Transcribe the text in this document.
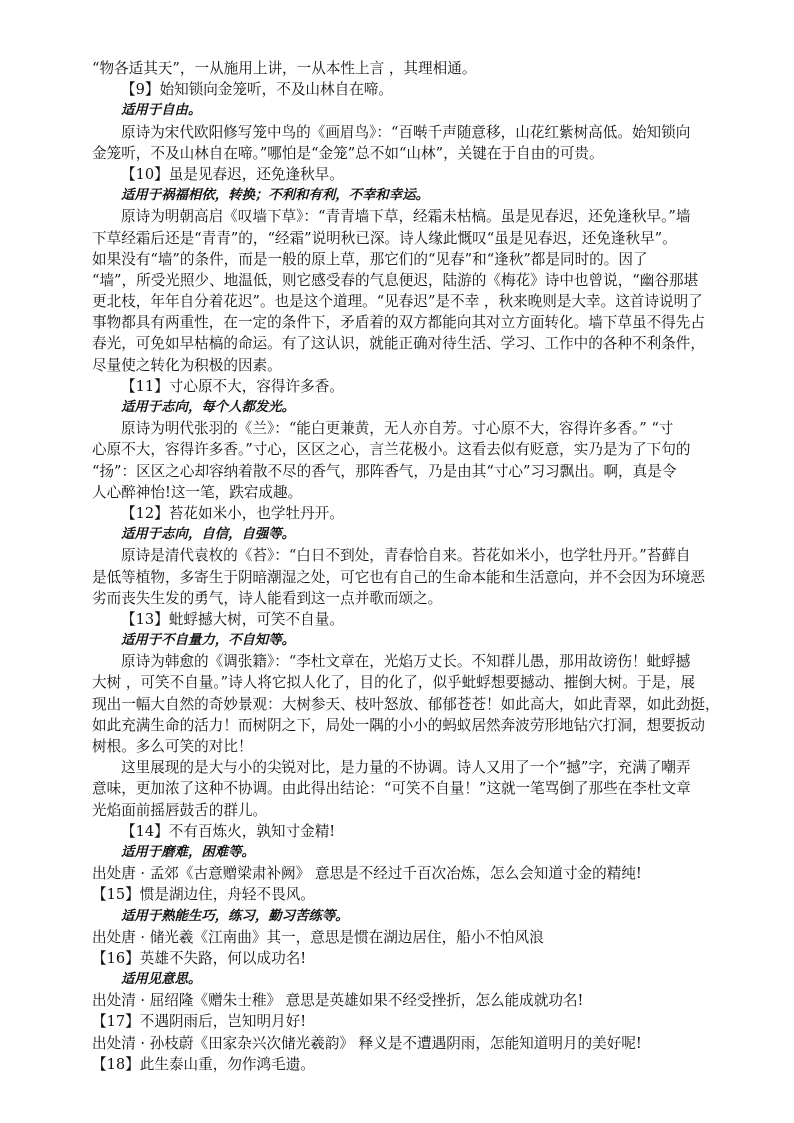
“物各适其天”，一从施用上讲，一从本性上言 ，其理相通。
【9】始知锁向金笼听，不及山林自在啼。
适用于自由。
原诗为宋代欧阳修写笼中鸟的《画眉鸟》：“百啭千声随意移，山花红紫树高低。始知锁向
金笼听，不及山林自在啼。”哪怕是“金笼”总不如“山林”，关键在于自由的可贵。
【10】虽是见春迟，还免逢秋早。
适用于祸福相依，转换；不利和有利，不幸和幸运。
原诗为明朝高启《叹墙下草》：“青青墙下草，经霜未枯槁。虽是见春迟，还免逢秋早。”墙
下草经霜后还是“青青”的，“经霜”说明秋已深。诗人缘此慨叹“虽是见春迟，还免逢秋早”。
如果没有“墙”的条件，而是一般的原上草，那它们的“见春”和“逢秋”都是同时的。因了
“墙”，所受光照少、地温低，则它感受春的气息便迟，陆游的《梅花》诗中也曾说，“幽谷那堪
更北枝，年年自分着花迟”。也是这个道理。“见春迟”是不幸 ，秋来晚则是大幸。这首诗说明了
事物都具有两重性，在一定的条件下，矛盾着的双方都能向其对立方面转化。墙下草虽不得先占
春光，可免如早枯槁的命运。有了这认识，就能正确对待生活、学习、工作中的各种不利条件，
尽量使之转化为积极的因素。
【11】寸心原不大，容得许多香。
适用于志向，每个人都发光。
原诗为明代张羽的《兰》：“能白更兼黄，无人亦自芳。寸心原不大，容得许多香。” “寸
心原不大，容得许多香。”寸心，区区之心，言兰花极小。这看去似有贬意，实乃是为了下句的
“扬”：区区之心却容纳着散不尽的香气，那阵香气，乃是由其“寸心”习习飘出。啊，真是令
人心醉神怡!这一笔，跌宕成趣。
【12】苔花如米小，也学牡丹开。
适用于志向，自信，自强等。
原诗是清代袁枚的《苔》：“白日不到处，青春恰自来。苔花如米小，也学牡丹开。”苔藓自
是低等植物，多寄生于阴暗潮湿之处，可它也有自己的生命本能和生活意向，并不会因为环境恶
劣而丧失生发的勇气，诗人能看到这一点并歌而颂之。
【13】蚍蜉撼大树，可笑不自量。
适用于不自量力，不自知等。
原诗为韩愈的《调张籍》：“李杜文章在，光焰万丈长。不知群儿愚，那用故谤伤！蚍蜉撼
大树 ，可笑不自量。”诗人将它拟人化了，目的化了，似乎蚍蜉想要撼动、摧倒大树。于是，展
现出一幅大自然的奇妙景观：大树参天、枝叶怒放、郁郁苍苍！如此高大，如此青翠，如此劲挺，
如此充满生命的活力！而树阴之下，局处一隅的小小的蚂蚁居然奔波劳形地钻穴打洞，想要扳动
树根。多么可笑的对比！
这里展现的是大与小的尖锐对比，是力量的不协调。诗人又用了一个“撼”字，充满了嘲弄
意味，更加浓了这种不协调。由此得出结论：“可笑不自量！”这就一笔骂倒了那些在李杜文章
光焰面前摇唇鼓舌的群儿。
【14】不有百炼火，孰知寸金精!
适用于磨难，困难等。
出处唐 · 孟郊《古意赠梁肃补阙》 意思是不经过千百次冶炼，怎么会知道寸金的精纯!
【15】惯是湖边住，舟轻不畏风。
适用于熟能生巧，练习，勤习苦练等。
出处唐 · 储光羲《江南曲》其一，意思是惯在湖边居住，船小不怕风浪
【16】英雄不失路，何以成功名!
适用见意思。
出处清 · 屈绍隆《赠朱士稚》 意思是英雄如果不经受挫折，怎么能成就功名!
【17】不遇阴雨后，岂知明月好!
出处清 · 孙枝蔚《田家杂兴次储光羲韵》 释义是不遭遇阴雨，怎能知道明月的美好呢!
【18】此生泰山重，勿作鸿毛遗。
